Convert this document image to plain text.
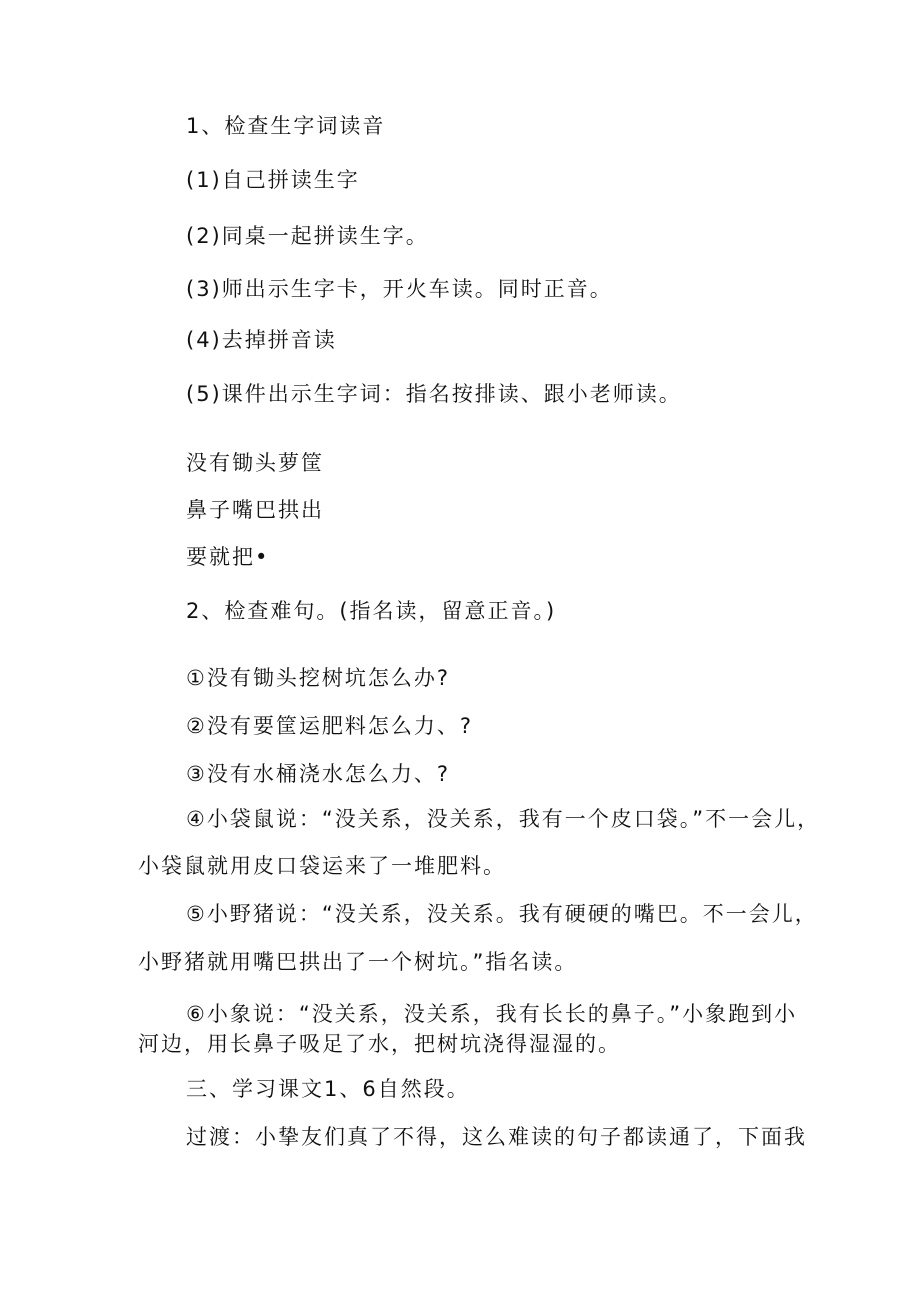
1、检查生字词读音
(1)自己拼读生字
(2)同桌一起拼读生字。
(3)师出示生字卡，开火车读。同时正音。
(4)去掉拼音读
(5)课件出示生字词：指名按排读、跟小老师读。
没有锄头萝筐
鼻子嘴巴拱出
要就把•
2、检查难句。(指名读，留意正音。)
①没有锄头挖树坑怎么办?
②没有要筐运肥料怎么力、?
③没有水桶浇水怎么力、?
④小袋鼠说：“没关系，没关系，我有一个皮口袋。”不一会儿，
小袋鼠就用皮口袋运来了一堆肥料。
⑤小野猪说：“没关系，没关系。我有硬硬的嘴巴。不一会儿，
小野猪就用嘴巴拱出了一个树坑。”指名读。
⑥小象说：“没关系，没关系，我有长长的鼻子。”小象跑到小
河边，用长鼻子吸足了水，把树坑浇得湿湿的。
三、学习课文1、6自然段。
过渡：小挚友们真了不得，这么难读的句子都读通了，下面我
